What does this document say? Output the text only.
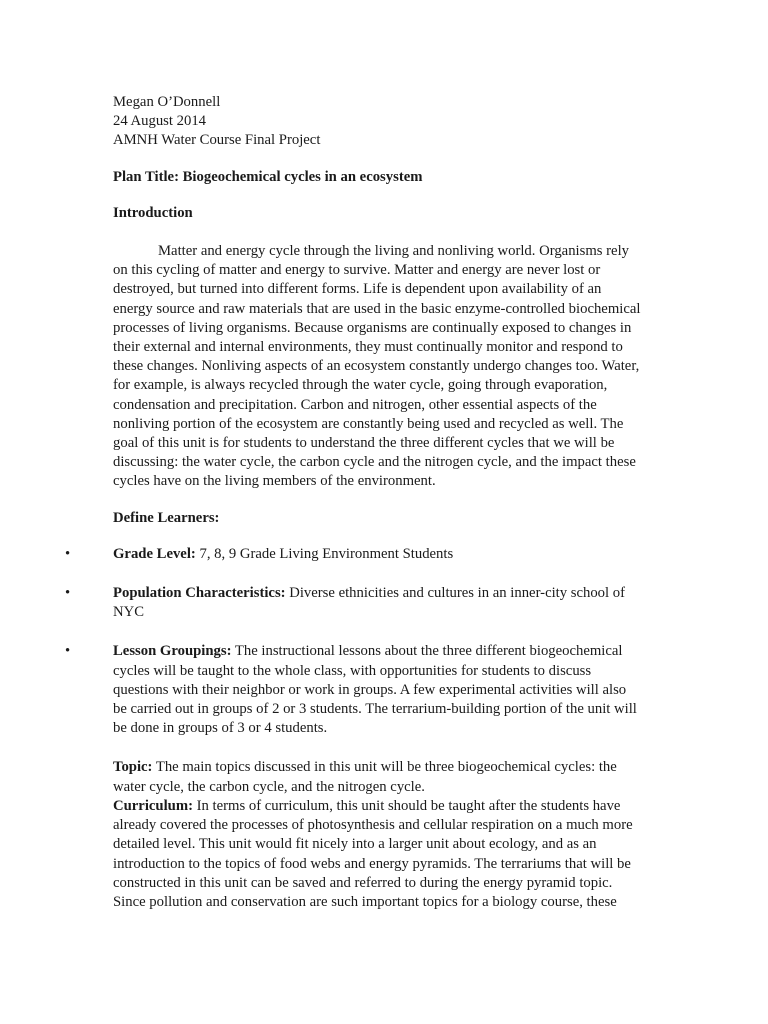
Megan O’Donnell

24 August 2014

AMNH Water Course Final Project

Plan Title: Biogeochemical cycles in an ecosystem

Introduction

Matter and energy cycle through the living and nonliving world. Organisms rely on this cycling of matter and energy to survive. Matter and energy are never lost or destroyed, but turned into different forms. Life is dependent upon availability of an energy source and raw materials that are used in the basic enzyme-controlled biochemical processes of living organisms. Because organisms are continually exposed to changes in their external and internal environments, they must continually monitor and respond to these changes. Nonliving aspects of an ecosystem constantly undergo changes too. Water, for example, is always recycled through the water cycle, going through evaporation, condensation and precipitation. Carbon and nitrogen, other essential aspects of the nonliving portion of the ecosystem are constantly being used and recycled as well. The goal of this unit is for students to understand the three different cycles that we will be discussing: the water cycle, the carbon cycle and the nitrogen cycle, and the impact these cycles have on the living members of the environment.

Define Learners:

•	Grade Level: 7, 8, 9 Grade Living Environment Students
•	Population Characteristics: Diverse ethnicities and cultures in an inner-city school of NYC
•	Lesson Groupings: The instructional lessons about the three different biogeochemical cycles will be taught to the whole class, with opportunities for students to discuss questions with their neighbor or work in groups. A few experimental activities will also be carried out in groups of 2 or 3 students. The terrarium-building portion of the unit will be done in groups of 3 or 4 students.

Topic: The main topics discussed in this unit will be three biogeochemical cycles: the water cycle, the carbon cycle, and the nitrogen cycle.

Curriculum: In terms of curriculum, this unit should be taught after the students have already covered the processes of photosynthesis and cellular respiration on a much more detailed level. This unit would fit nicely into a larger unit about ecology, and as an introduction to the topics of food webs and energy pyramids. The terrariums that will be constructed in this unit can be saved and referred to during the energy pyramid topic. Since pollution and conservation are such important topics for a biology course, these
